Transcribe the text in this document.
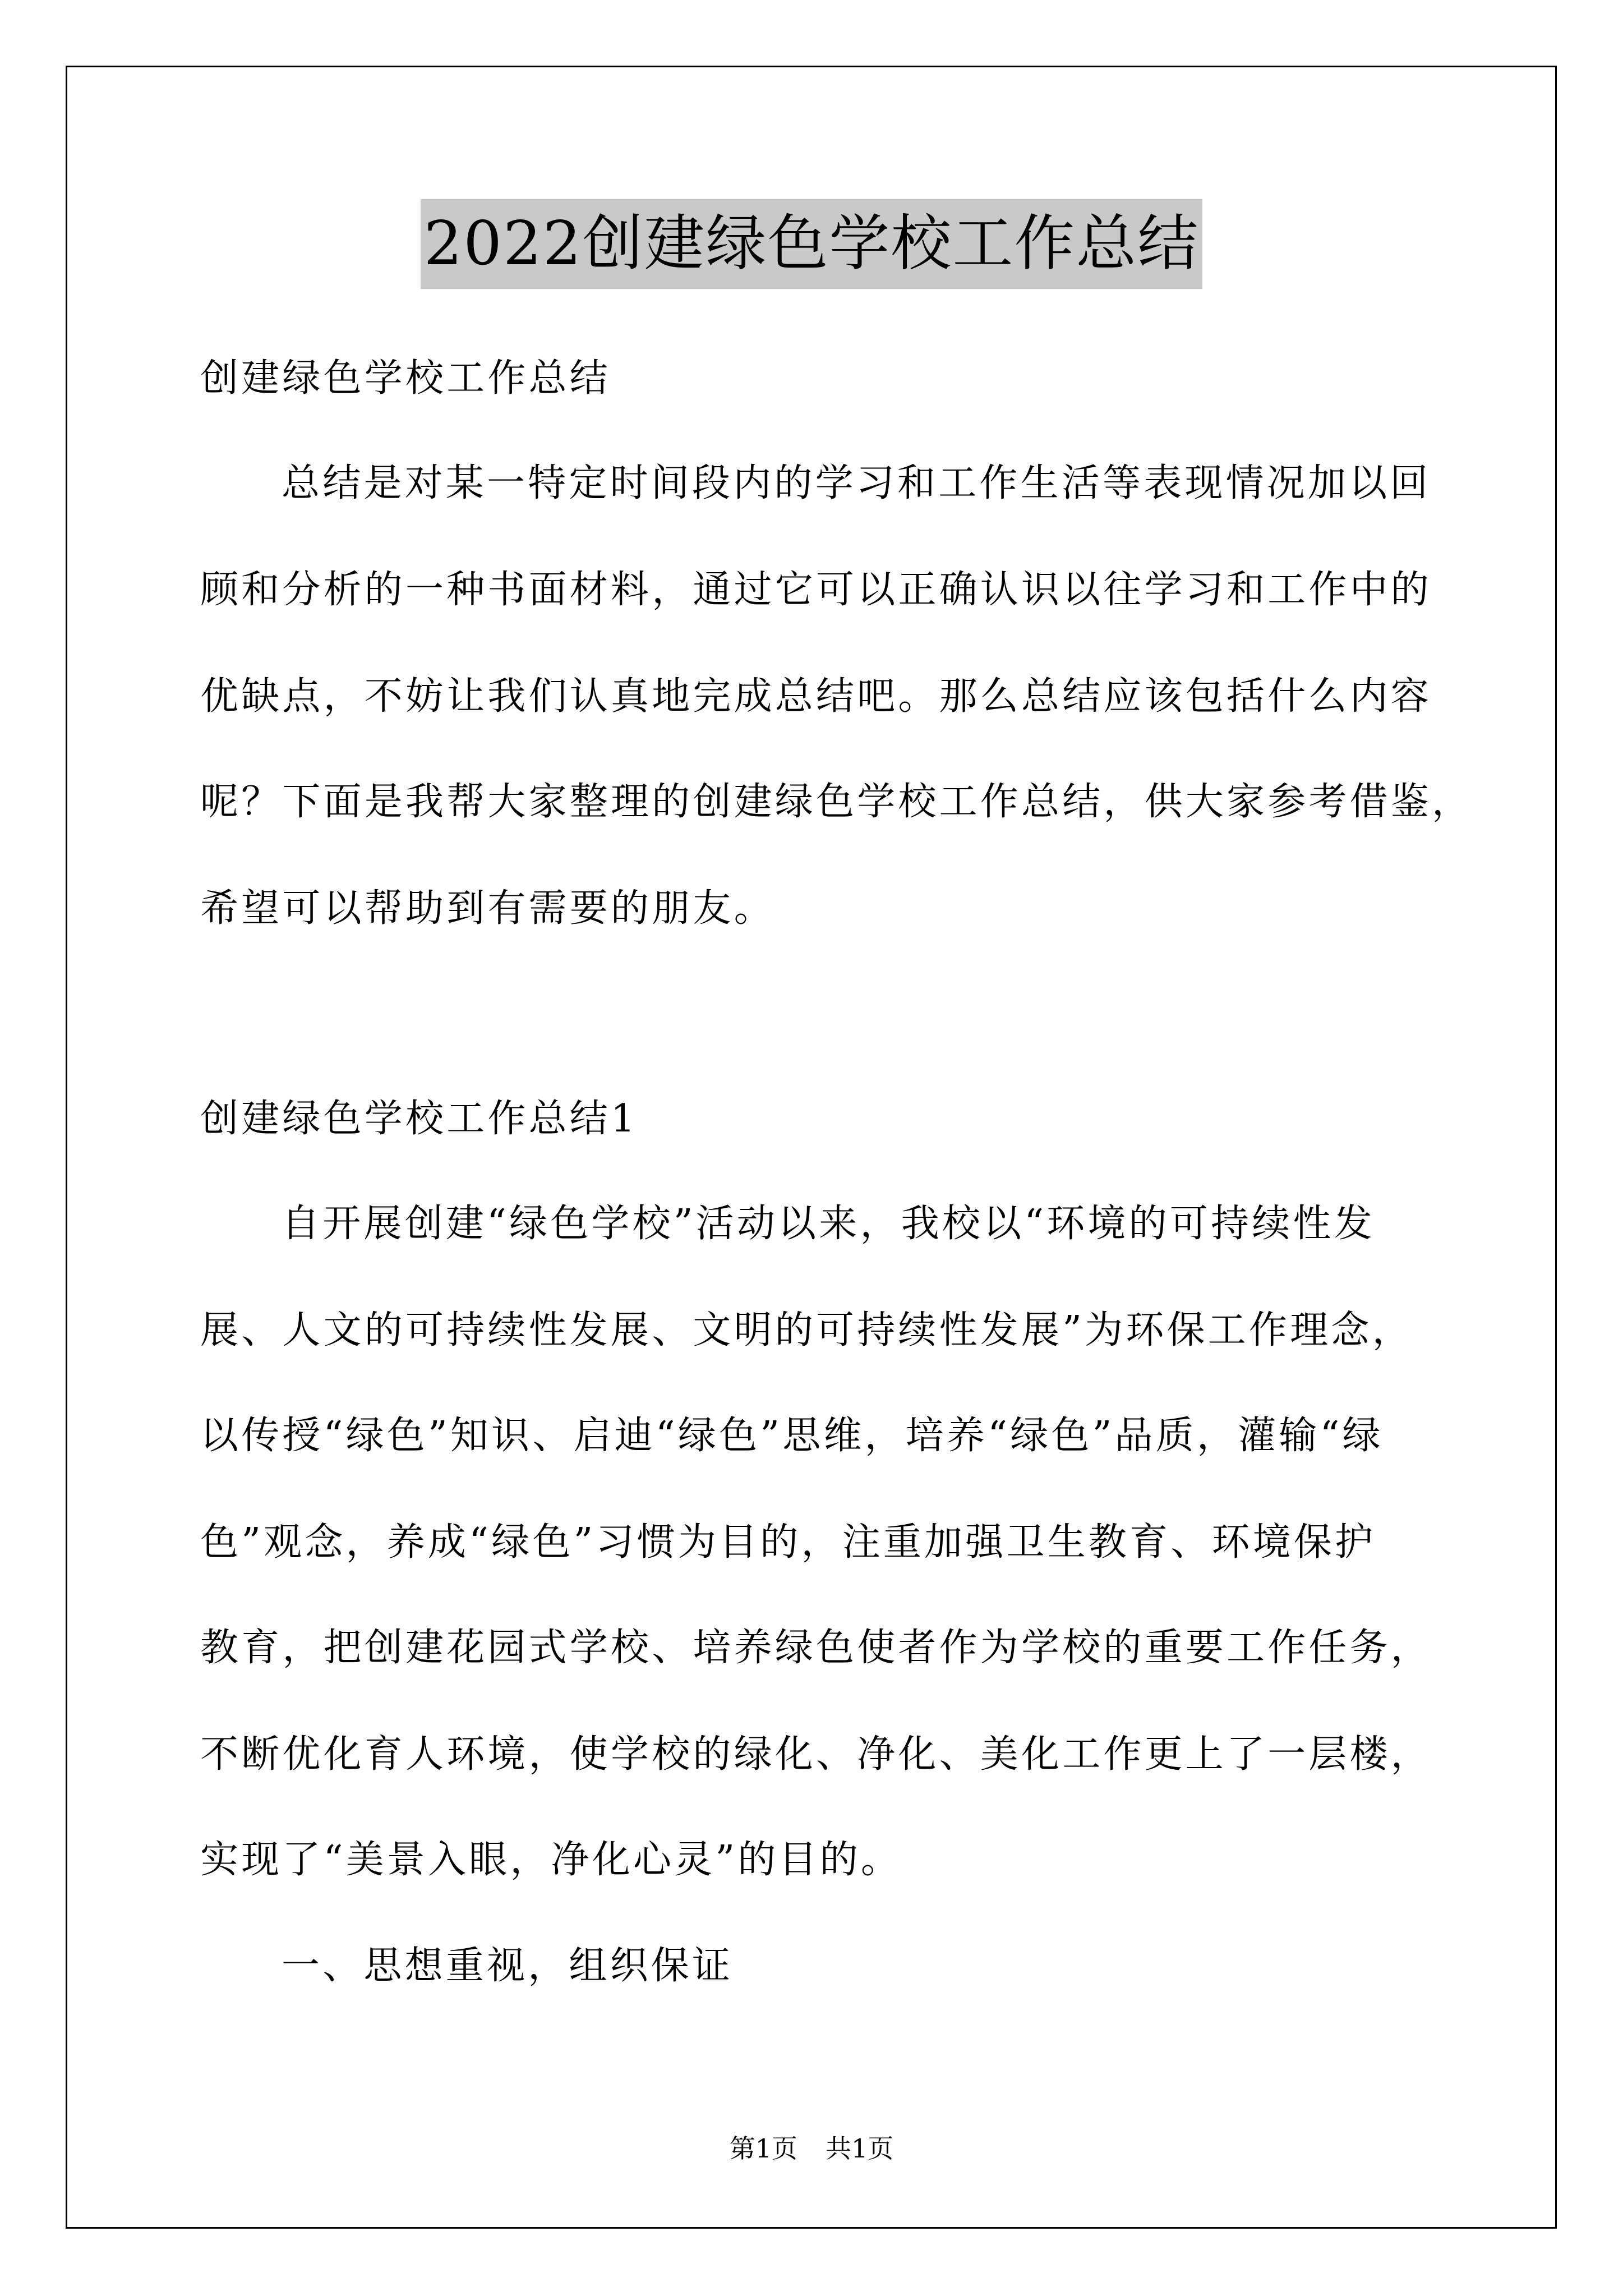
2022创建绿色学校工作总结
创建绿色学校工作总结
总结是对某一特定时间段内的学习和工作生活等表现情况加以回
顾和分析的一种书面材料，通过它可以正确认识以往学习和工作中的
优缺点，不妨让我们认真地完成总结吧。那么总结应该包括什么内容
呢？下面是我帮大家整理的创建绿色学校工作总结，供大家参考借鉴，
希望可以帮助到有需要的朋友。
创建绿色学校工作总结1
自开展创建“绿色学校”活动以来，我校以“环境的可持续性发
展、人文的可持续性发展、文明的可持续性发展”为环保工作理念，
以传授“绿色”知识、启迪“绿色”思维，培养“绿色”品质，灌输“绿
色”观念，养成“绿色”习惯为目的，注重加强卫生教育、环境保护
教育，把创建花园式学校、培养绿色使者作为学校的重要工作任务，
不断优化育人环境，使学校的绿化、净化、美化工作更上了一层楼，
实现了“美景入眼，净化心灵”的目的。
一、思想重视，组织保证
第1页 共1页
